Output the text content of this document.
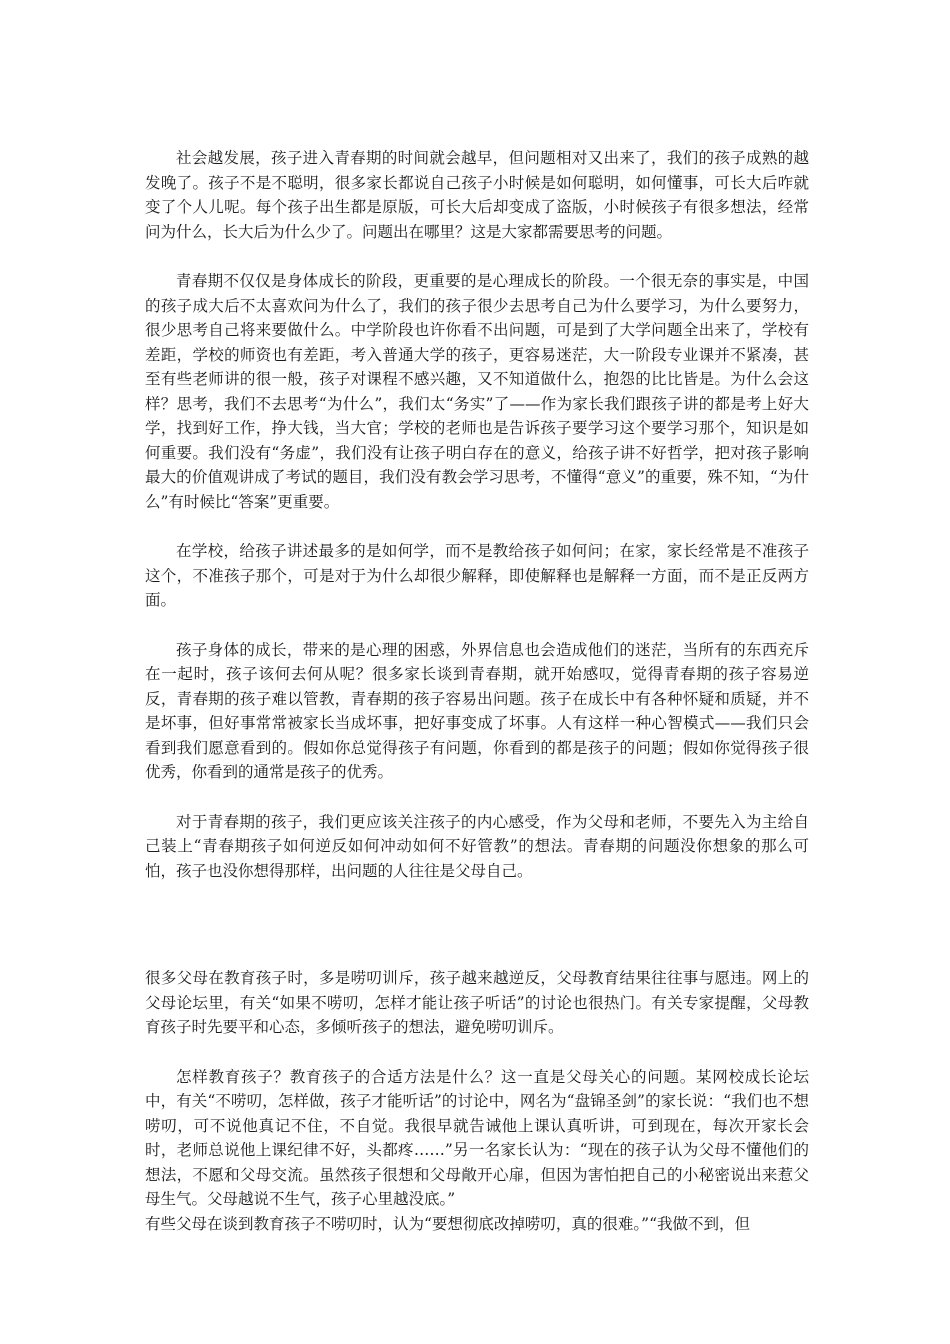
社会越发展，孩子进入青春期的时间就会越早，但问题相对又出来了，我们的孩子成熟的越发晚了。孩子不是不聪明，很多家长都说自己孩子小时候是如何聪明，如何懂事，可长大后咋就变了个人儿呢。每个孩子出生都是原版，可长大后却变成了盗版，小时候孩子有很多想法，经常问为什么，长大后为什么少了。问题出在哪里？这是大家都需要思考的问题。

青春期不仅仅是身体成长的阶段，更重要的是心理成长的阶段。一个很无奈的事实是，中国的孩子成大后不太喜欢问为什么了，我们的孩子很少去思考自己为什么要学习，为什么要努力，很少思考自己将来要做什么。中学阶段也许你看不出问题，可是到了大学问题全出来了，学校有差距，学校的师资也有差距，考入普通大学的孩子，更容易迷茫，大一阶段专业课并不紧凑，甚至有些老师讲的很一般，孩子对课程不感兴趣，又不知道做什么，抱怨的比比皆是。为什么会这样？思考，我们不去思考“为什么”，我们太“务实”了——作为家长我们跟孩子讲的都是考上好大学，找到好工作，挣大钱，当大官；学校的老师也是告诉孩子要学习这个要学习那个，知识是如何重要。我们没有“务虚”，我们没有让孩子明白存在的意义，给孩子讲不好哲学，把对孩子影响最大的价值观讲成了考试的题目，我们没有教会学习思考，不懂得“意义”的重要，殊不知，“为什么”有时候比“答案”更重要。

在学校，给孩子讲述最多的是如何学，而不是教给孩子如何问；在家，家长经常是不准孩子这个，不准孩子那个，可是对于为什么却很少解释，即使解释也是解释一方面，而不是正反两方面。

孩子身体的成长，带来的是心理的困惑，外界信息也会造成他们的迷茫，当所有的东西充斥在一起时，孩子该何去何从呢？很多家长谈到青春期，就开始感叹，觉得青春期的孩子容易逆反，青春期的孩子难以管教，青春期的孩子容易出问题。孩子在成长中有各种怀疑和质疑，并不是坏事，但好事常常被家长当成坏事，把好事变成了坏事。人有这样一种心智模式——我们只会看到我们愿意看到的。假如你总觉得孩子有问题，你看到的都是孩子的问题；假如你觉得孩子很优秀，你看到的通常是孩子的优秀。

对于青春期的孩子，我们更应该关注孩子的内心感受，作为父母和老师，不要先入为主给自己装上“青春期孩子如何逆反如何冲动如何不好管教”的想法。青春期的问题没你想象的那么可怕，孩子也没你想得那样，出问题的人往往是父母自己。

很多父母在教育孩子时，多是唠叨训斥，孩子越来越逆反，父母教育结果往往事与愿违。网上的父母论坛里，有关“如果不唠叨，怎样才能让孩子听话”的讨论也很热门。有关专家提醒，父母教育孩子时先要平和心态，多倾听孩子的想法，避免唠叨训斥。

怎样教育孩子？教育孩子的合适方法是什么？这一直是父母关心的问题。某网校成长论坛中，有关“不唠叨，怎样做，孩子才能听话”的讨论中，网名为“盘锦圣剑”的家长说：“我们也不想唠叨，可不说他真记不住，不自觉。我很早就告诫他上课认真听讲，可到现在，每次开家长会时，老师总说他上课纪律不好，头都疼……”另一名家长认为：“现在的孩子认为父母不懂他们的想法，不愿和父母交流。虽然孩子很想和父母敞开心扉，但因为害怕把自己的小秘密说出来惹父母生气。父母越说不生气，孩子心里越没底。”

有些父母在谈到教育孩子不唠叨时，认为“要想彻底改掉唠叨，真的很难。”“我做不到，但
